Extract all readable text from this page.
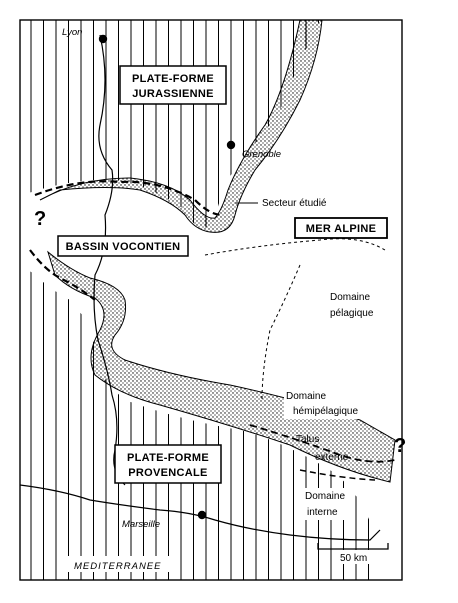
Lyon
Grenoble
Marseille
PLATE-FORME
JURASSIENNE
BASSIN VOCONTIEN
MER ALPINE
PLATE-FORME
PROVENCALE
Secteur étudié
Domaine
pélagique
Domaine
hémipélagique
Talus
externe
Domaine
interne
?
?
MEDITERRANEE
50 km
